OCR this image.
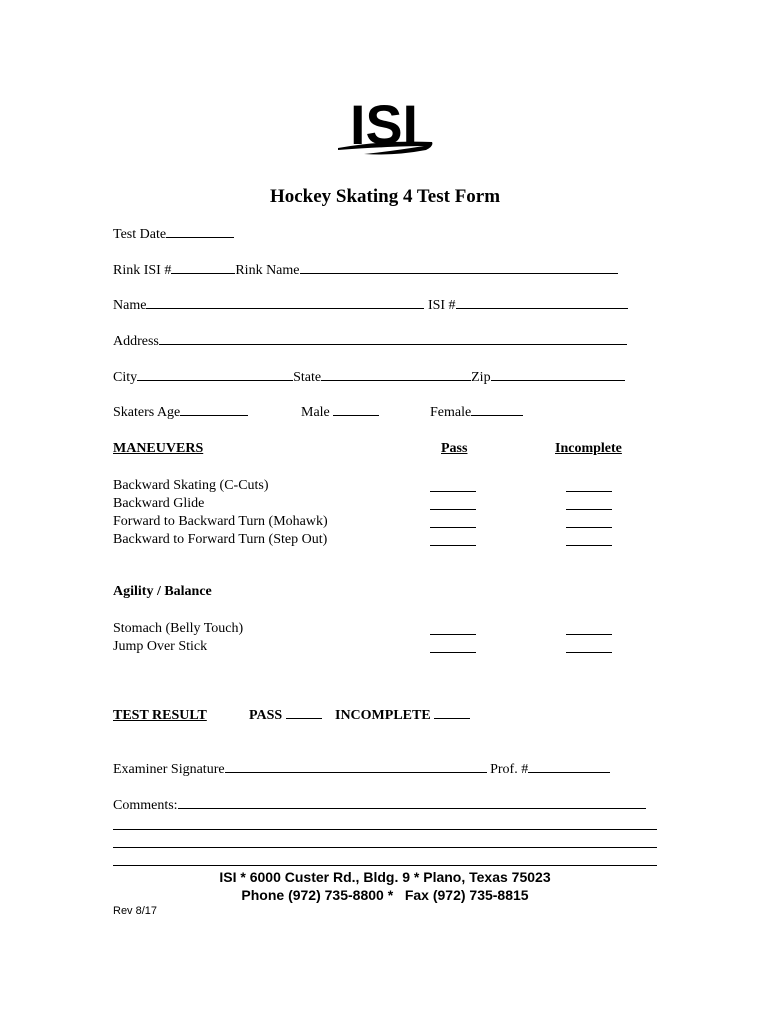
ISI
Hockey Skating 4 Test Form
Test Date
Rink ISI #	Rink Name
Name	ISI #
Address
City	State	Zip
Skaters Age	Male	Female
MANEUVERS	Pass	Incomplete
Backward Skating (C-Cuts)
Backward Glide
Forward to Backward Turn (Mohawk)
Backward to Forward Turn (Step Out)
Agility / Balance
Stomach (Belly Touch)
Jump Over Stick
TEST RESULT	PASS	INCOMPLETE
Examiner Signature	Prof. #
Comments:
ISI * 6000 Custer Rd., Bldg. 9 * Plano, Texas 75023
Phone (972) 735-8800 *   Fax (972) 735-8815
Rev 8/17
